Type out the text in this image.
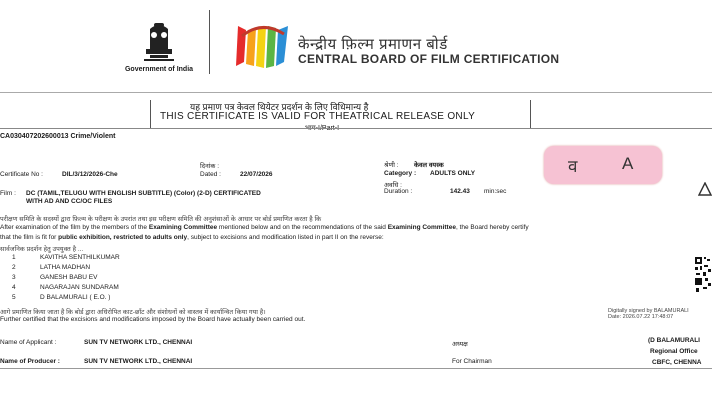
Government of India
केन्द्रीय फ़िल्म प्रमाणन बोर्ड
CENTRAL BOARD OF FILM CERTIFICATION
यह प्रमाण पत्र केवल थियेटर प्रदर्शन के लिए विधिमान्य है
THIS CERTIFICATE IS VALID FOR THEATRICAL RELEASE ONLY
CA030407202600013 Crime/Violent
दिनांक :
Certificate No :	DIL/3/12/2026-Che	Dated :	22/07/2026
श्रेणी : केवल वयस्क
Category : ADULTS ONLY
अवधि :
Duration :	142.43 min:sec
Film : DC (TAMIL,TELUGU WITH ENGLISH SUBTITLE) (Color) (2-D) CERTIFICATED
WITH AD AND CC/OC FILES
व	A
परीक्षण समिति के सदस्यों द्वारा फ़िल्म के परीक्षण के उपरांत तथा इस परीक्षण समिति की अनुशंसाओं के आधार पर बोर्ड प्रमाणित करता है कि
After examination of the film by the members of the Examining Committee mentioned below and on the recommendations of the said Examining Committee, the Board hereby certify
that the film is fit for public exhibition, restricted to adults only, subject to excisions and modification listed in part II on the reverse:
सार्वजनिक प्रदर्शन हेतु उपयुक्त है ...
1	KAVITHA SENTHILKUMAR
2	LATHA MADHAN
3	GANESH BABU EV
4	NAGARAJAN SUNDARAM
5	D BALAMURALI ( E.O. )
आगे प्रमाणित किया जाता है कि बोर्ड द्वारा अधिरोपित काट-छाँट और संशोधनों को वास्तव में कार्यान्वित किया गया है।
Further certified that the excisions and modifications imposed by the Board have actually been carried out.
Digitally signed by BALAMURALI
Date: 2026.07.22 17:48:07
Name of Applicant :	SUN TV NETWORK LTD., CHENNAI	अध्यक्ष
Name of Producer :	SUN TV NETWORK LTD., CHENNAI	For Chairman
(D BALAMURALI
Regional Office
CBFC, CHENNA
